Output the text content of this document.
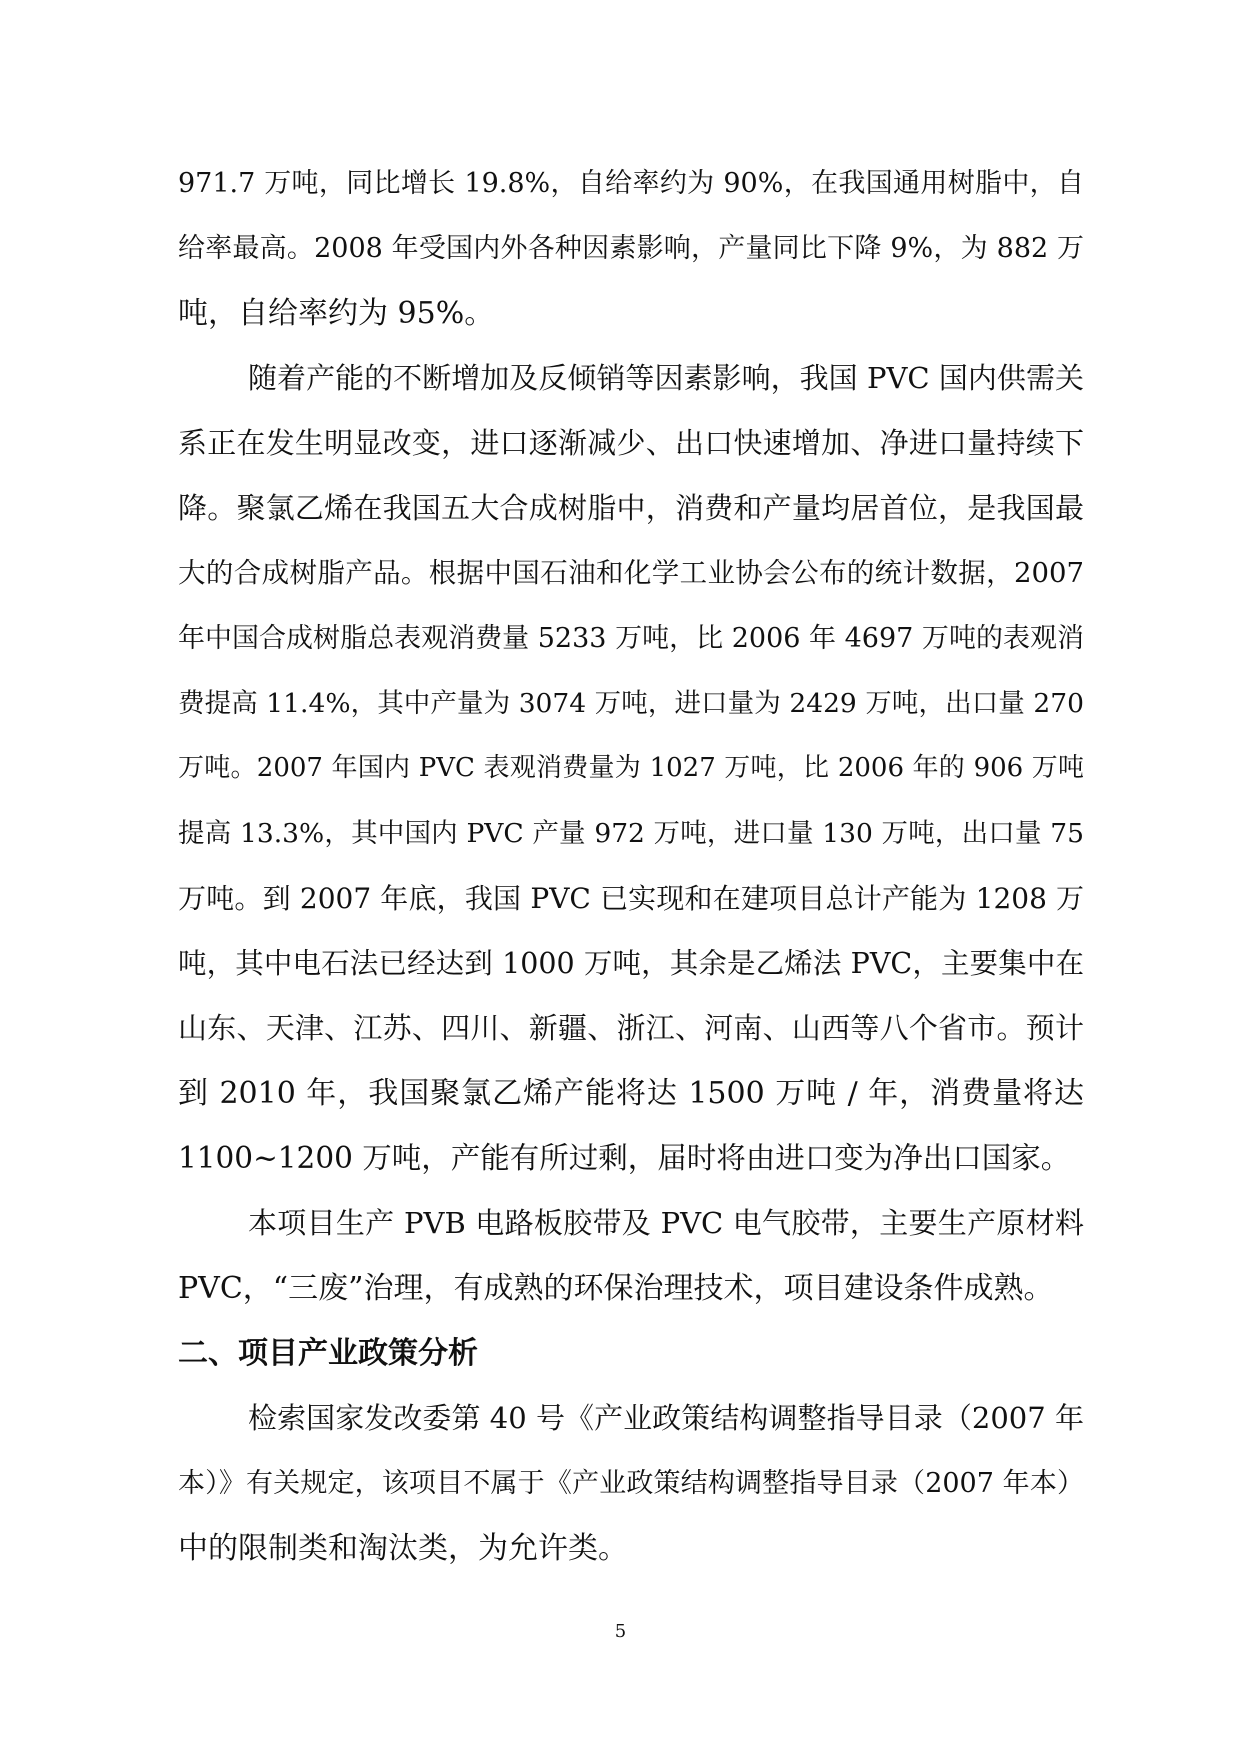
971.7 万吨，同比增长 19.8%，自给率约为 90%，在我国通用树脂中，自
给率最高。2008 年受国内外各种因素影响，产量同比下降 9%，为 882 万
吨，自给率约为 95%。
随着产能的不断增加及反倾销等因素影响，我国 PVC 国内供需关
系正在发生明显改变，进口逐渐减少、出口快速增加、净进口量持续下
降。聚氯乙烯在我国五大合成树脂中，消费和产量均居首位，是我国最
大的合成树脂产品。根据中国石油和化学工业协会公布的统计数据，2007
年中国合成树脂总表观消费量 5233 万吨，比 2006 年 4697 万吨的表观消
费提高 11.4%，其中产量为 3074 万吨，进口量为 2429 万吨，出口量 270
万吨。2007 年国内 PVC 表观消费量为 1027 万吨，比 2006 年的 906 万吨
提高 13.3%，其中国内 PVC 产量 972 万吨，进口量 130 万吨，出口量 75
万吨。到 2007 年底，我国 PVC 已实现和在建项目总计产能为 1208 万
吨，其中电石法已经达到 1000 万吨，其余是乙烯法 PVC，主要集中在
山东、天津、江苏、四川、新疆、浙江、河南、山西等八个省市。预计
到 2010 年，我国聚氯乙烯产能将达 1500 万吨 / 年，消费量将达
1100~1200 万吨，产能有所过剩，届时将由进口变为净出口国家。
本项目生产 PVB 电路板胶带及 PVC 电气胶带，主要生产原材料
PVC，“三废”治理，有成熟的环保治理技术，项目建设条件成熟。
二、项目产业政策分析
检索国家发改委第 40 号《产业政策结构调整指导目录（2007 年
本）》有关规定，该项目不属于《产业政策结构调整指导目录（2007 年本）
中的限制类和淘汰类，为允许类。
5
